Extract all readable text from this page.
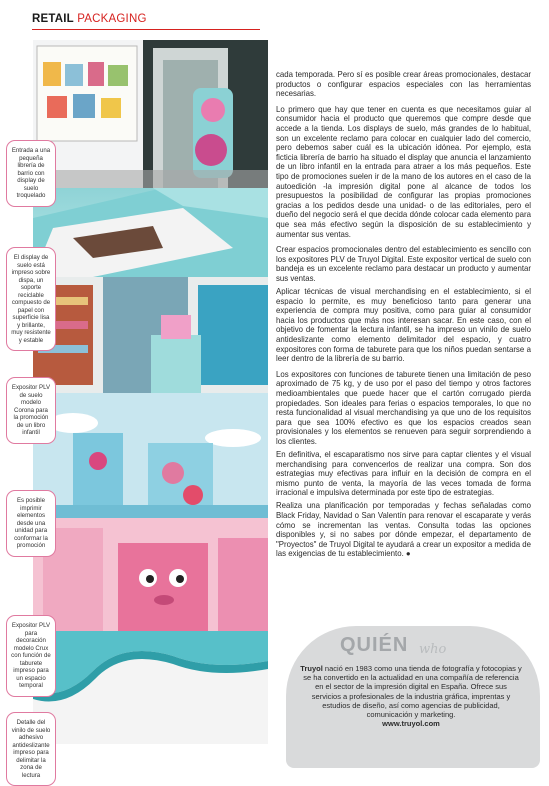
RETAIL PACKAGING
Entrada a una pequeña librería de barrio con display de suelo troquelado
El display de suelo está impreso sobre dispa, un soporte reciclable compuesto de papel con superficie lisa y brillante, muy resistente y estable
Expositor PLV de suelo modelo Corona para la promoción de un libro infantil
Es posible imprimir elementos desde una unidad para conformar la promoción
Expositor PLV para decoración modelo Crux con función de taburete impreso para un espacio temporal
Detalle del vinilo de suelo adhesivo antideslizante impreso para delimitar la zona de lectura

cada temporada. Pero sí es posible crear áreas promocionales, destacar productos o configurar espacios especiales con las herramientas necesarias.

Lo primero que hay que tener en cuenta es que necesitamos guiar al consumidor hacia el producto que queremos que compre desde que accede a la tienda. Los displays de suelo, más grandes de lo habitual, son un excelente reclamo para colocar en cualquier lado del comercio, pero debemos saber cuál es la ubicación idónea. Por ejemplo, esta ficticia librería de barrio ha situado el display que anuncia el lanzamiento de un libro infantil en la entrada para atraer a los más pequeños. Este tipo de promociones suelen ir de la mano de los autores en el caso de la autoedición -la impresión digital pone al alcance de todos los presupuestos la posibilidad de configurar las propias promociones gracias a los pedidos desde una unidad- o de las editoriales, pero el dueño del negocio será el que decida dónde colocar cada elemento para que sea más efectivo según la disposición de su establecimiento y aumentar sus ventas.

Crear espacios promocionales dentro del establecimiento es sencillo con los expositores PLV de Truyol Digital. Este expositor vertical de suelo con bandeja es un excelente reclamo para destacar un producto y aumentar sus ventas.

Aplicar técnicas de visual merchandising en el establecimiento, si el espacio lo permite, es muy beneficioso tanto para generar una experiencia de compra muy positiva, como para guiar al consumidor hacia los productos que más nos interesan sacar. En este caso, con el objetivo de fomentar la lectura infantil, se ha impreso un vinilo de suelo antideslizante como elemento delimitador del espacio, y cuatro expositores con forma de taburete para que los niños puedan sentarse a leer dentro de la librería de su barrio.

Los expositores con funciones de taburete tienen una limitación de peso aproximado de 75 kg, y de uso por el paso del tiempo y otros factores medioambientales que puede hacer que el cartón corrugado pierda propiedades. Son ideales para ferias o espacios temporales, lo que no resta funcionalidad al visual merchandising ya que uno de los requisitos para que sea 100% efectivo es que los espacios creados sean provisionales y los elementos se renueven para seguir sorprendiendo a los clientes.

En definitiva, el escaparatismo nos sirve para captar clientes y el visual merchandising para convencerlos de realizar una compra. Son dos estrategias muy efectivas para influir en la decisión de compra en el mismo punto de venta, la mayoría de las veces tomada de forma irracional e impulsiva determinada por este tipo de estrategias.

Realiza una planificación por temporadas y fechas señaladas como Black Friday, Navidad o San Valentín para renovar el escaparate y verás cómo se incrementan las ventas. Consulta todas las opciones disponibles y, si no sabes por dónde empezar, el departamento de "Proyectos" de Truyol Digital te ayudará a crear un expositor a medida de las exigencias de tu establecimiento. ●

QUIÉN who
Truyol nació en 1983 como una tienda de fotografía y fotocopias y se ha convertido en la actualidad en una compañía de referencia en el sector de la impresión digital en España. Ofrece sus servicios a profesionales de la industria gráfica, imprentas y estudios de diseño, así como agencias de publicidad, comunicación y marketing.
www.truyol.com
